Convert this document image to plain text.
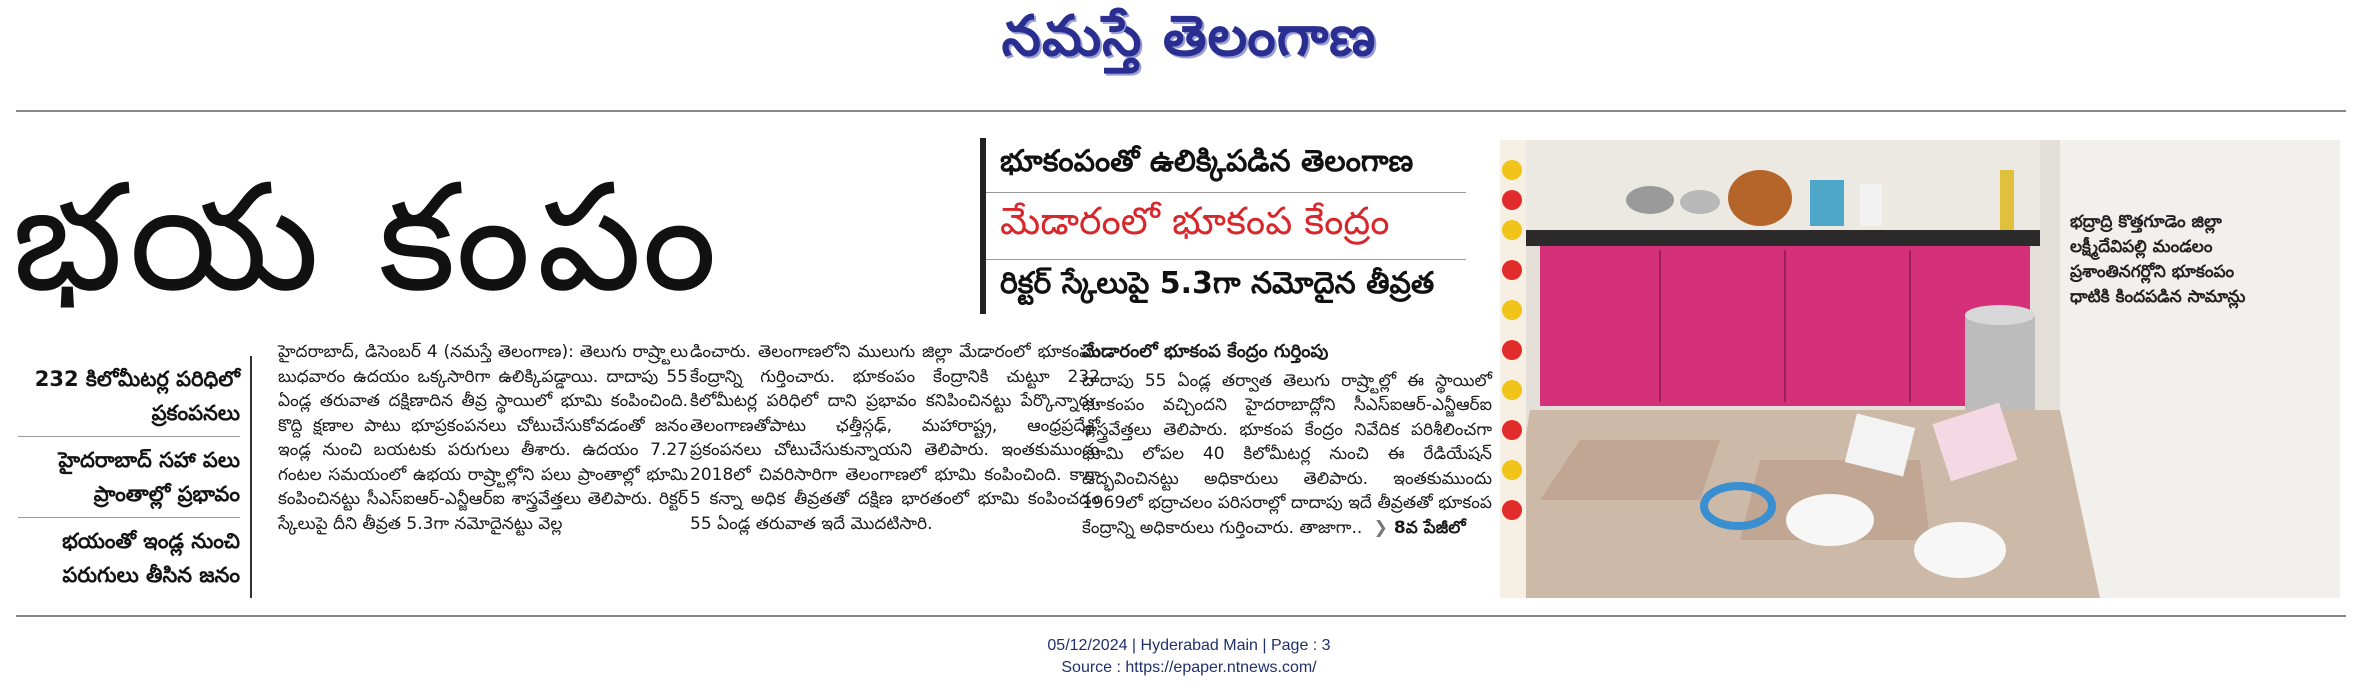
నమస్తే తెలంగాణ
భయ కంపం	భూకంపంతో ఉలిక్కిపడిన తెలంగాణ
మేడారంలో భూకంప కేంద్రం
రిక్టర్ స్కేలుపై 5.3గా నమోదైన తీవ్రత
232 కిలోమీటర్ల పరిధిలో ప్రకంపనలు
హైదరాబాద్ సహా పలు ప్రాంతాల్లో ప్రభావం
భయంతో ఇండ్ల నుంచి పరుగులు తీసిన జనం

హైదరాబాద్, డిసెంబర్ 4 (నమస్తే తెలంగాణ): తెలుగు రాష్ర్టాలు బుధవారం ఉదయం ఒక్కసారిగా ఉలిక్కిపడ్డాయి. దాదాపు 55 ఏండ్ల తరువాత దక్షిణాదిన తీవ్ర స్థాయిలో భూమి కంపించింది. కొద్ది క్షణాల పాటు భూప్రకంపనలు చోటుచేసుకోవడంతో జనం ఇండ్ల నుంచి బయటకు పరుగులు తీశారు. ఉదయం 7.27 గంటల సమయంలో ఉభయ రాష్ర్టాల్లోని పలు ప్రాంతాల్లో భూమి కంపించినట్టు సీఎస్ఐఆర్-ఎన్జీఆర్ఐ శాస్త్రవేత్తలు తెలిపారు. రిక్టర్ స్కేలుపై దీని తీవ్రత 5.3గా నమోదైనట్టు వెల్ల

డించారు. తెలంగాణలోని ములుగు జిల్లా మేడారంలో భూకంపం కేంద్రాన్ని గుర్తించారు. భూకంపం కేంద్రానికి చుట్టూ 232 కిలోమీటర్ల పరిధిలో దాని ప్రభావం కనిపించినట్టు పేర్కొన్నారు. తెలంగాణతోపాటు ఛత్తీస్గఢ్, మహారాష్ట్ర, ఆంధ్రప్రదేశ్లో ప్రకంపనలు చోటుచేసుకున్నాయని తెలిపారు. ఇంతకుముందు 2018లో చివరిసారిగా తెలంగాణలో భూమి కంపించింది. కాగా 5 కన్నా అధిక తీవ్రతతో దక్షిణ భారతంలో భూమి కంపించడం 55 ఏండ్ల తరువాత ఇదే మొదటిసారి.

మేడారంలో భూకంప కేంద్రం గుర్తింపు

దాదాపు 55 ఏండ్ల తర్వాత తెలుగు రాష్ర్టాల్లో ఈ స్థాయిలో భూకంపం వచ్చిందని హైదరాబాద్లోని సీఎస్ఐఆర్-ఎన్జీఆర్ఐ శాస్త్రవేత్తలు తెలిపారు. భూకంప కేంద్రం నివేదిక పరిశీలించగా భూమి లోపల 40 కిలోమీటర్ల నుంచి ఈ రేడియేషన్ ఉద్భవించినట్టు అధికారులు తెలిపారు. ఇంతకుముందు 1969లో భద్రాచలం పరిసరాల్లో దాదాపు ఇదే తీవ్రతతో భూకంప కేంద్రాన్ని అధికారులు గుర్తించారు. తాజాగా.. ❯ 8వ పేజీలో

భద్రాద్రి కొత్తగూడెం జిల్లా లక్ష్మీదేవిపల్లి మండలం ప్రశాంతినగర్లోని భూకంపం ధాటికి కిందపడిన సామాన్లు
05/12/2024 | Hyderabad Main | Page : 3
Source : https://epaper.ntnews.com/
